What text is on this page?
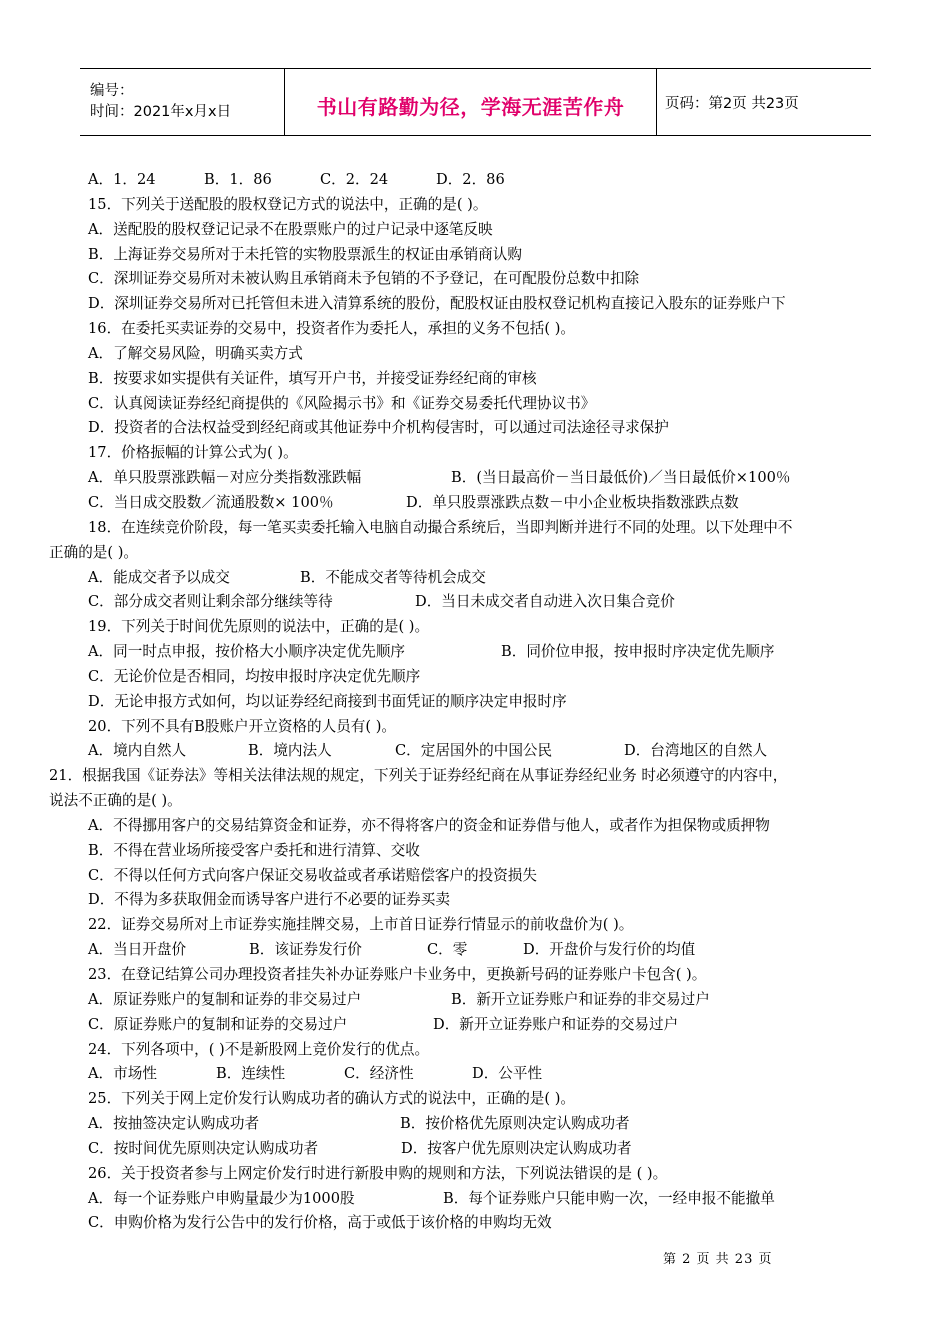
编号：
时间：2021年x月x日	书山有路勤为径，学海无涯苦作舟	页码：第2页 共23页
A．1．24	B．1．86	C．2．24	D．2．86
15．下列关于送配股的股权登记方式的说法中，正确的是( )。
A．送配股的股权登记记录不在股票账户的过户记录中逐笔反映
B．上海证券交易所对于未托管的实物股票派生的权证由承销商认购
C．深圳证券交易所对未被认购且承销商未予包销的不予登记，在可配股份总数中扣除
D．深圳证券交易所对已托管但未进入清算系统的股份，配股权证由股权登记机构直接记入股东的证券账户下
16．在委托买卖证券的交易中，投资者作为委托人，承担的义务不包括( )。
A．了解交易风险，明确买卖方式
B．按要求如实提供有关证件，填写开户书，并接受证券经纪商的审核
C．认真阅读证券经纪商提供的《风险揭示书》和《证券交易委托代理协议书》
D．投资者的合法权益受到经纪商或其他证券中介机构侵害时，可以通过司法途径寻求保护
17．价格振幅的计算公式为( )。
A．单只股票涨跌幅－对应分类指数涨跌幅	B．(当日最高价－当日最低价)／当日最低价×100％
C．当日成交股数／流通股数× 100％	D．单只股票涨跌点数－中小企业板块指数涨跌点数
18．在连续竞价阶段，每一笔买卖委托输入电脑自动撮合系统后，当即判断并进行不同的处理。以下处理中不
正确的是( )。
A．能成交者予以成交	B．不能成交者等待机会成交
C．部分成交者则让剩余部分继续等待	D．当日未成交者自动进入次日集合竞价
19．下列关于时间优先原则的说法中，正确的是( )。
A．同一时点申报，按价格大小顺序决定优先顺序	B．同价位申报，按申报时序决定优先顺序
C．无论价位是否相同，均按申报时序决定优先顺序
D．无论申报方式如何，均以证券经纪商接到书面凭证的顺序决定申报时序
20．下列不具有B股账户开立资格的人员有( )。
A．境内自然人	B．境内法人	C．定居国外的中国公民	D．台湾地区的自然人
21．根据我国《证券法》等相关法律法规的规定，下列关于证券经纪商在从事证券经纪业务 时必须遵守的内容中，
说法不正确的是( )。
A．不得挪用客户的交易结算资金和证券，亦不得将客户的资金和证券借与他人，或者作为担保物或质押物
B．不得在营业场所接受客户委托和进行清算、交收
C．不得以任何方式向客户保证交易收益或者承诺赔偿客户的投资损失
D．不得为多获取佣金而诱导客户进行不必要的证券买卖
22．证券交易所对上市证券实施挂牌交易，上市首日证券行情显示的前收盘价为( )。
A．当日开盘价	B．该证券发行价	C．零	D．开盘价与发行价的均值
23．在登记结算公司办理投资者挂失补办证券账户卡业务中，更换新号码的证券账户卡包含( )。
A．原证券账户的复制和证券的非交易过户	B．新开立证券账户和证券的非交易过户
C．原证券账户的复制和证券的交易过户	D．新开立证券账户和证券的交易过户
24．下列各项中，( )不是新股网上竞价发行的优点。
A．市场性	B．连续性	C．经济性	D．公平性
25．下列关于网上定价发行认购成功者的确认方式的说法中，正确的是( )。
A．按抽签决定认购成功者	B．按价格优先原则决定认购成功者
C．按时间优先原则决定认购成功者	D．按客户优先原则决定认购成功者
26．关于投资者参与上网定价发行时进行新股申购的规则和方法，下列说法错误的是 ( )。
A．每一个证券账户申购量最少为1000股	B．每个证券账户只能申购一次，一经申报不能撤单
C．申购价格为发行公告中的发行价格，高于或低于该价格的申购均无效
第 2 页 共 23 页
